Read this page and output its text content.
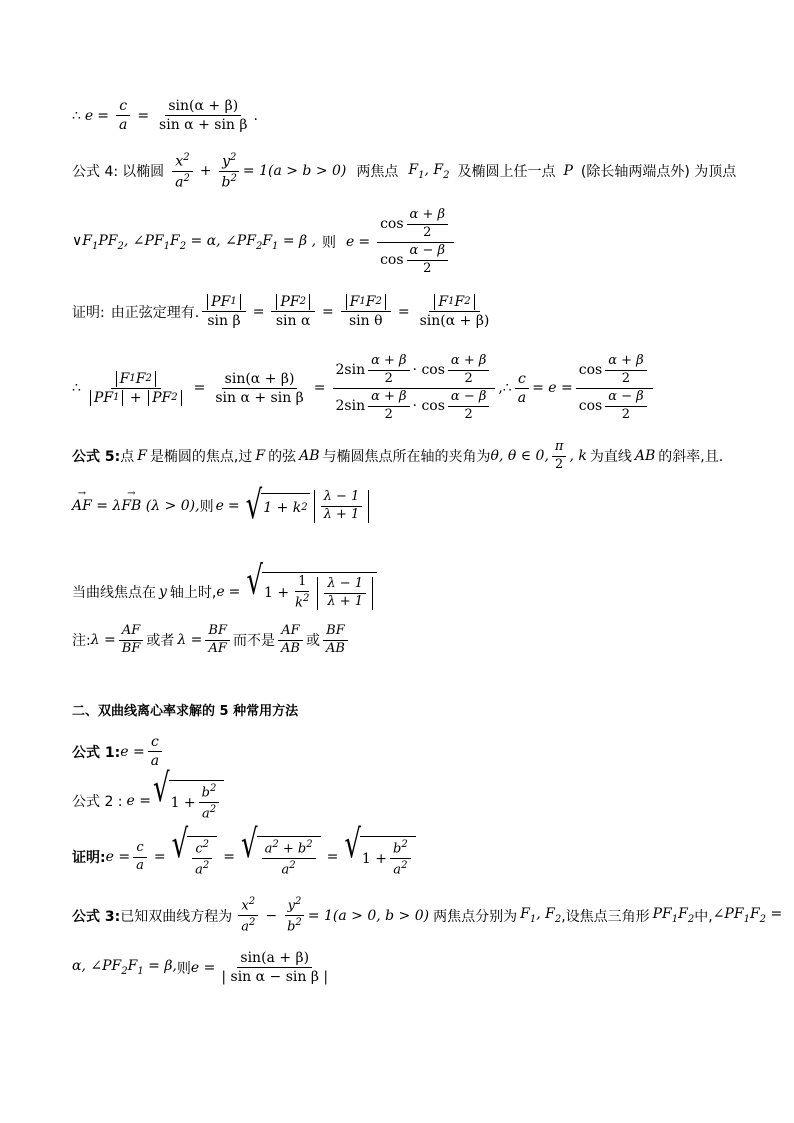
∴ $e = \frac{c}{a} = \frac{\sin(\alpha + \beta)}{\text{sin α + sin β}}$ .
公式 4: 以椭圆 $\frac{x^2}{a^2} + \frac{y^2}{b^2} = 1(a > b > 0)$ 两焦点 $F_1$, $F_2$ 及椭圆上任一点 P (除长轴两端点外) 为顶点
$\vee F_1PF_2$, $\angle PF_1F_2 = \alpha$, $\angle PF_2F_1 = \beta$ , 则 $e = \frac{\cos \frac{\alpha + \beta}{2}}{\cos \frac{\alpha - \beta}{2}}$
证明: 由正弦定理有. $\frac{PF 1}{\text{sin β}} = \frac{PF 2}{\text{sin α}} = \frac{F 1 F 2}{\text{sin θ}} = \frac{F 1 F 2}{\sin(\alpha + \beta)}$
∴ $\frac{F 1 F 2}{PF 1 + PF 2} = \frac{\sin(\alpha + \beta)}{\text{sin α + sin β}} = \frac{2\sin \frac{\alpha + \beta}{2} \cdot \cos \frac{\alpha + \beta}{2}}{2\sin \frac{\alpha + \beta}{2} \cdot \cos \frac{\alpha - \beta}{2}}$ ,∴ $\frac{c}{a} = e = \frac{\cos \frac{\alpha + \beta}{2}}{\cos \frac{\alpha - \beta}{2}}$
公式 5: 点 F 是椭圆的焦点,过 F 的弦 AB 与椭圆焦点所在轴的夹角为 θ, θ ∈ 0, $\frac{\pi}{2}$ , k 为直线 AB 的斜率,且.
→ AF = λ→ FB (λ > 0), 则 e = √ 1 + k $2 \frac{\lambda - 1}{\lambda + 1}$
当曲线焦点在 y 轴上时, e = √ $1 + \frac{1}{k^2} \frac{\lambda - 1}{\lambda + 1}$
注: $\lambda = \frac{AF}{BF}$ 或者 $\lambda = \frac{BF}{AF}$ 而不是 $\frac{AF}{AB}$ 或 $\frac{BF}{AB}$
二、双曲线离心率求解的 5 种常用方法
公式 1: $e = \frac{c}{a}$
公式 2 : e = √ $1 + \frac{b^2}{a^2}$
证明: $e = \frac{c}{a}$ = √ $\frac{c^2}{a^2}$ = √ $\frac{a^2 + b^2}{a^2}$ = √ $1 + \frac{b^2}{a^2}$
公式 3: 已知双曲线方程为 $\frac{x^2}{a^2} - \frac{y^2}{b^2} = 1(a > 0$, b > 0) 两焦点分别为 $F_1$, $F_2$ ,设焦点三角形 $PF_1F_2$ 中, $\angle PF_1F_2$ =
α, $\angle PF_2F_1 = \beta$, 则 $e = \frac{\sin(a + \beta)}{\text{| sin α − sin β |}}$
